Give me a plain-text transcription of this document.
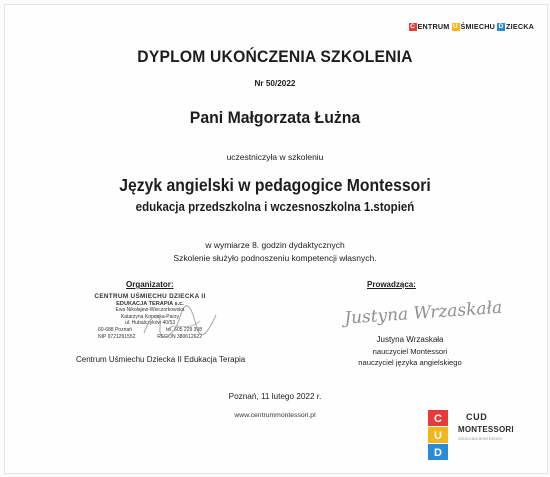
C ENTRUM U ŚMIECHU D ZIECKA
DYPLOM UKOŃCZENIA SZKOLENIA
Nr 50/2022
Pani Małgorzata Łużna
uczestniczyła w szkoleniu
Język angielski w pedagogice Montessori
edukacja przedszkolna i wczesnoszkolna 1.stopień
w wymiarze 8. godzin dydaktycznych
Szkolenie służyło podnoszeniu kompetencji własnych.
Organizator:	Prowadząca:
CENTRUM UŚMIECHU DZIECKA II
EDUKACJA TERAPIA s.c.
Ewa Nikołajew-Wieczorkowska
Katarzyna Konopka-Parzy
ul. Hubalczyków 40/53
60-688 Poznań	tel. 605 229 398
NIP 9721291552	REGON 380612622
Centrum Uśmiechu Dziecka II Edukacja Terapia
Justyna Wrzaskała
Justyna Wrzaskała
nauczyciel Montessori
nauczyciel języka angielskiego
Poznań, 11 lutego 2022 r.
www.centrummontessori.pl	C
U
D
CUD
MONTESSORI
SZKOLENIA MONTESSORI
